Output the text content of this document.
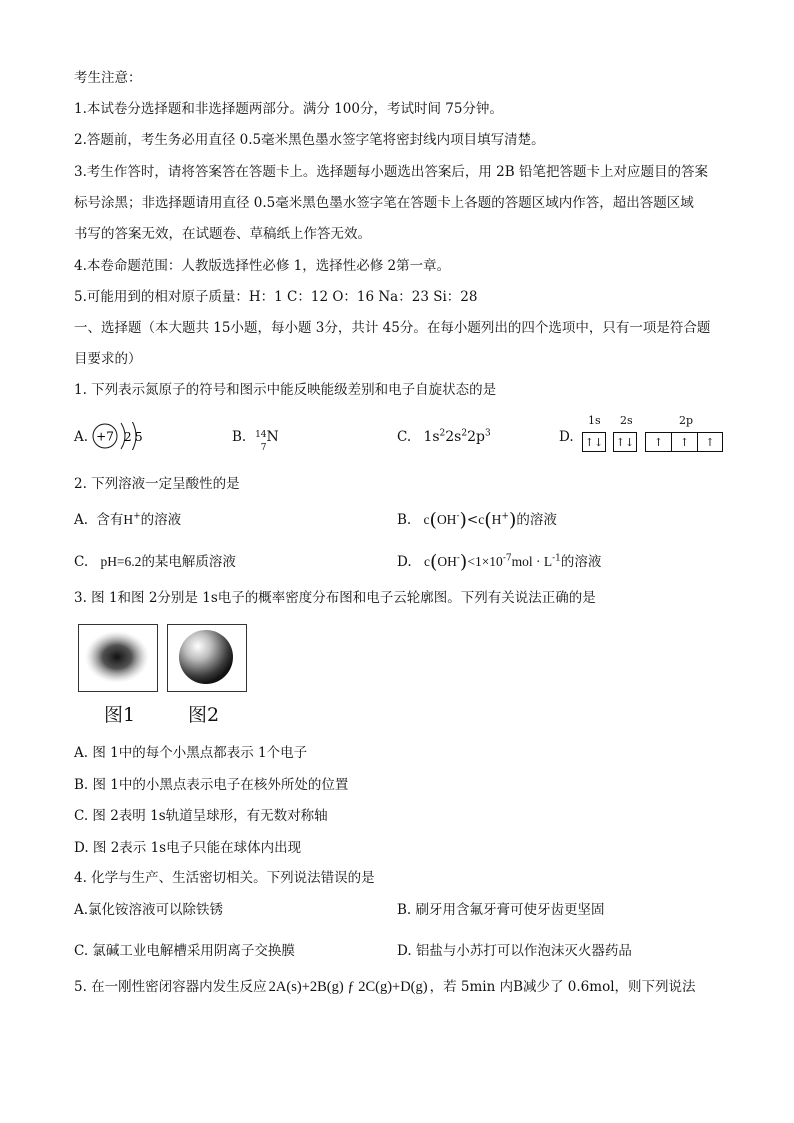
考生注意：
1.本试卷分选择题和非选择题两部分。满分 100分，考试时间 75分钟。
2.答题前，考生务必用直径 0.5毫米黑色墨水签字笔将密封线内项目填写清楚。
3.考生作答时，请将答案答在答题卡上。选择题每小题选出答案后，用 2B 铅笔把答题卡上对应题目的答案
标号涂黑；非选择题请用直径 0.5毫米黑色墨水签字笔在答题卡上各题的答题区域内作答，超出答题区域
书写的答案无效，在试题卷、草稿纸上作答无效。
4.本卷命题范围：人教版选择性必修 1，选择性必修 2第一章。
5.可能用到的相对原子质量：H：1 C：12 O：16 Na：23 Si：28
一、选择题（本大题共 15小题，每小题 3分，共计 45分。在每小题列出的四个选项中，只有一项是符合题
目要求的）
1. 下列表示氮原子的符号和图示中能反映能级差别和电子自旋状态的是
A. +7 2 5	B. 14
7
N	C. $1s^22s^22p^3$	D.
1s 2s	2p
↑↓ ↑↓	↑	↑	↑
2. 下列溶液一定呈酸性的是
A. 含有H+的溶液	B. c(OH-)<c(H+)的溶液
C. pH=6.2的某电解质溶液	D. $c(OH^-)<1\times 10^{-7}mol \cdot L^{-1}$的溶液
3. 图 1和图 2分别是 1s电子的概率密度分布图和电子云轮廓图。下列有关说法正确的是
图1	图2
A. 图 1中的每个小黑点都表示 1个电子
B. 图 1中的小黑点表示电子在核外所处的位置
C. 图 2表明 1s轨道呈球形，有无数对称轴
D. 图 2表示 1s电子只能在球体内出现
4. 化学与生产、生活密切相关。下列说法错误的是
A.氯化铵溶液可以除铁锈	B. 刷牙用含氟牙膏可使牙齿更坚固
C. 氯碱工业电解槽采用阴离子交换膜	D. 铝盐与小苏打可以作泡沫灭火器药品
5. 在一刚性密闭容器内发生反应 2A(s)+2B(g) ƒ 2C(g)+D(g) ，若 5min 内B减少了 0.6mol，则下列说法
